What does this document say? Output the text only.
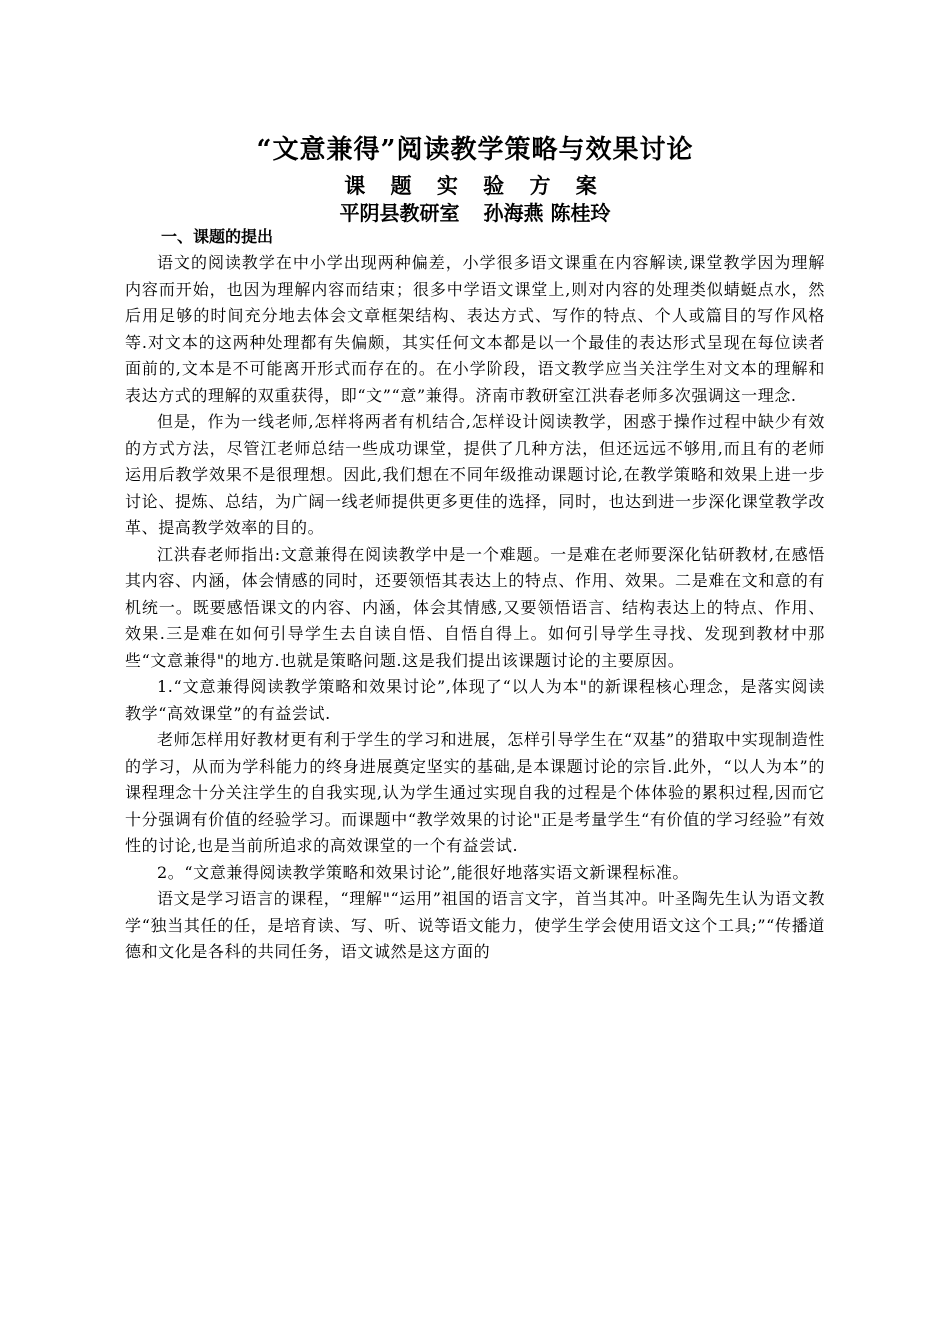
“文意兼得”阅读教学策略与效果讨论
课 题 实 验 方 案
平阴县教研室 孙海燕 陈桂玲
一、课题的提出

语文的阅读教学在中小学出现两种偏差，小学很多语文课重在内容解读,课堂教学因为理解内容而开始，也因为理解内容而结束；很多中学语文课堂上,则对内容的处理类似蜻蜓点水，然后用足够的时间充分地去体会文章框架结构、表达方式、写作的特点、个人或篇目的写作风格等.对文本的这两种处理都有失偏颇，其实任何文本都是以一个最佳的表达形式呈现在每位读者面前的,文本是不可能离开形式而存在的。在小学阶段，语文教学应当关注学生对文本的理解和表达方式的理解的双重获得，即“文”“意”兼得。济南市教研室江洪春老师多次强调这一理念.

但是，作为一线老师,怎样将两者有机结合,怎样设计阅读教学，困惑于操作过程中缺少有效的方式方法，尽管江老师总结一些成功课堂，提供了几种方法，但还远远不够用,而且有的老师运用后教学效果不是很理想。因此,我们想在不同年级推动课题讨论,在教学策略和效果上进一步讨论、提炼、总结，为广阔一线老师提供更多更佳的选择，同时，也达到进一步深化课堂教学改革、提高教学效率的目的。

江洪春老师指出:文意兼得在阅读教学中是一个难题。一是难在老师要深化钻研教材,在感悟其内容、内涵，体会情感的同时，还要领悟其表达上的特点、作用、效果。二是难在文和意的有机统一。既要感悟课文的内容、内涵，体会其情感,又要领悟语言、结构表达上的特点、作用、效果.三是难在如何引导学生去自读自悟、自悟自得上。如何引导学生寻找、发现到教材中那些“文意兼得"的地方.也就是策略问题.这是我们提出该课题讨论的主要原因。

1.“文意兼得阅读教学策略和效果讨论”,体现了“以人为本"的新课程核心理念，是落实阅读教学“高效课堂”的有益尝试.

老师怎样用好教材更有利于学生的学习和进展，怎样引导学生在“双基”的猎取中实现制造性的学习，从而为学科能力的终身进展奠定坚实的基础,是本课题讨论的宗旨.此外，“以人为本”的课程理念十分关注学生的自我实现,认为学生通过实现自我的过程是个体体验的累积过程,因而它十分强调有价值的经验学习。而课题中“教学效果的讨论"正是考量学生“有价值的学习经验”有效性的讨论,也是当前所追求的高效课堂的一个有益尝试.

2。“文意兼得阅读教学策略和效果讨论”,能很好地落实语文新课程标准。

语文是学习语言的课程，“理解"“运用”祖国的语言文字，首当其冲。叶圣陶先生认为语文教学“独当其任的任，是培育读、写、听、说等语文能力，使学生学会使用语文这个工具;”“传播道德和文化是各科的共同任务，语文诚然是这方面的
